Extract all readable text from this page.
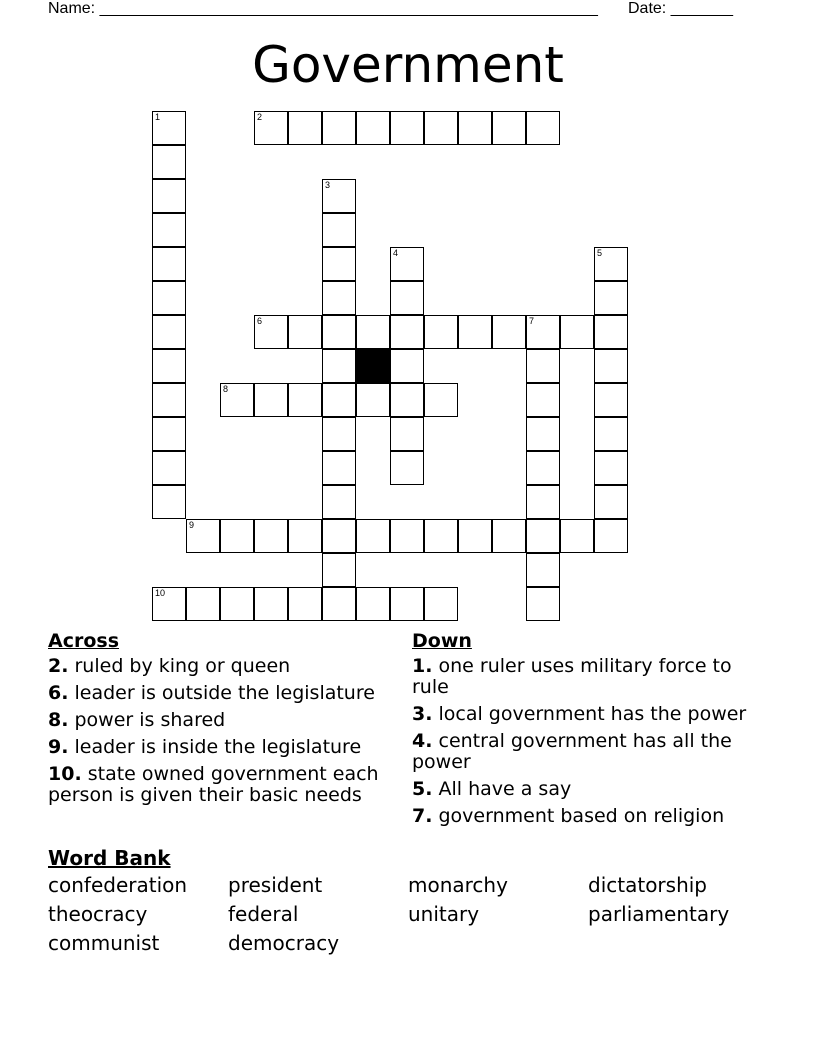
Name: ________________________________________________________ Date: _______
Government
1	2
3
4	5
6	7
8
9
10
Across
2. ruled by king or queen
6. leader is outside the legislature
8. power is shared
9. leader is inside the legislature
10. state owned government each person is given their basic needs
Down
1. one ruler uses military force to rule
3. local government has the power
4. central government has all the power
5. All have a say
7. government based on religion
Word Bank
confederation	president	monarchy	dictatorship
theocracy	federal	unitary	parliamentary
communist	democracy
